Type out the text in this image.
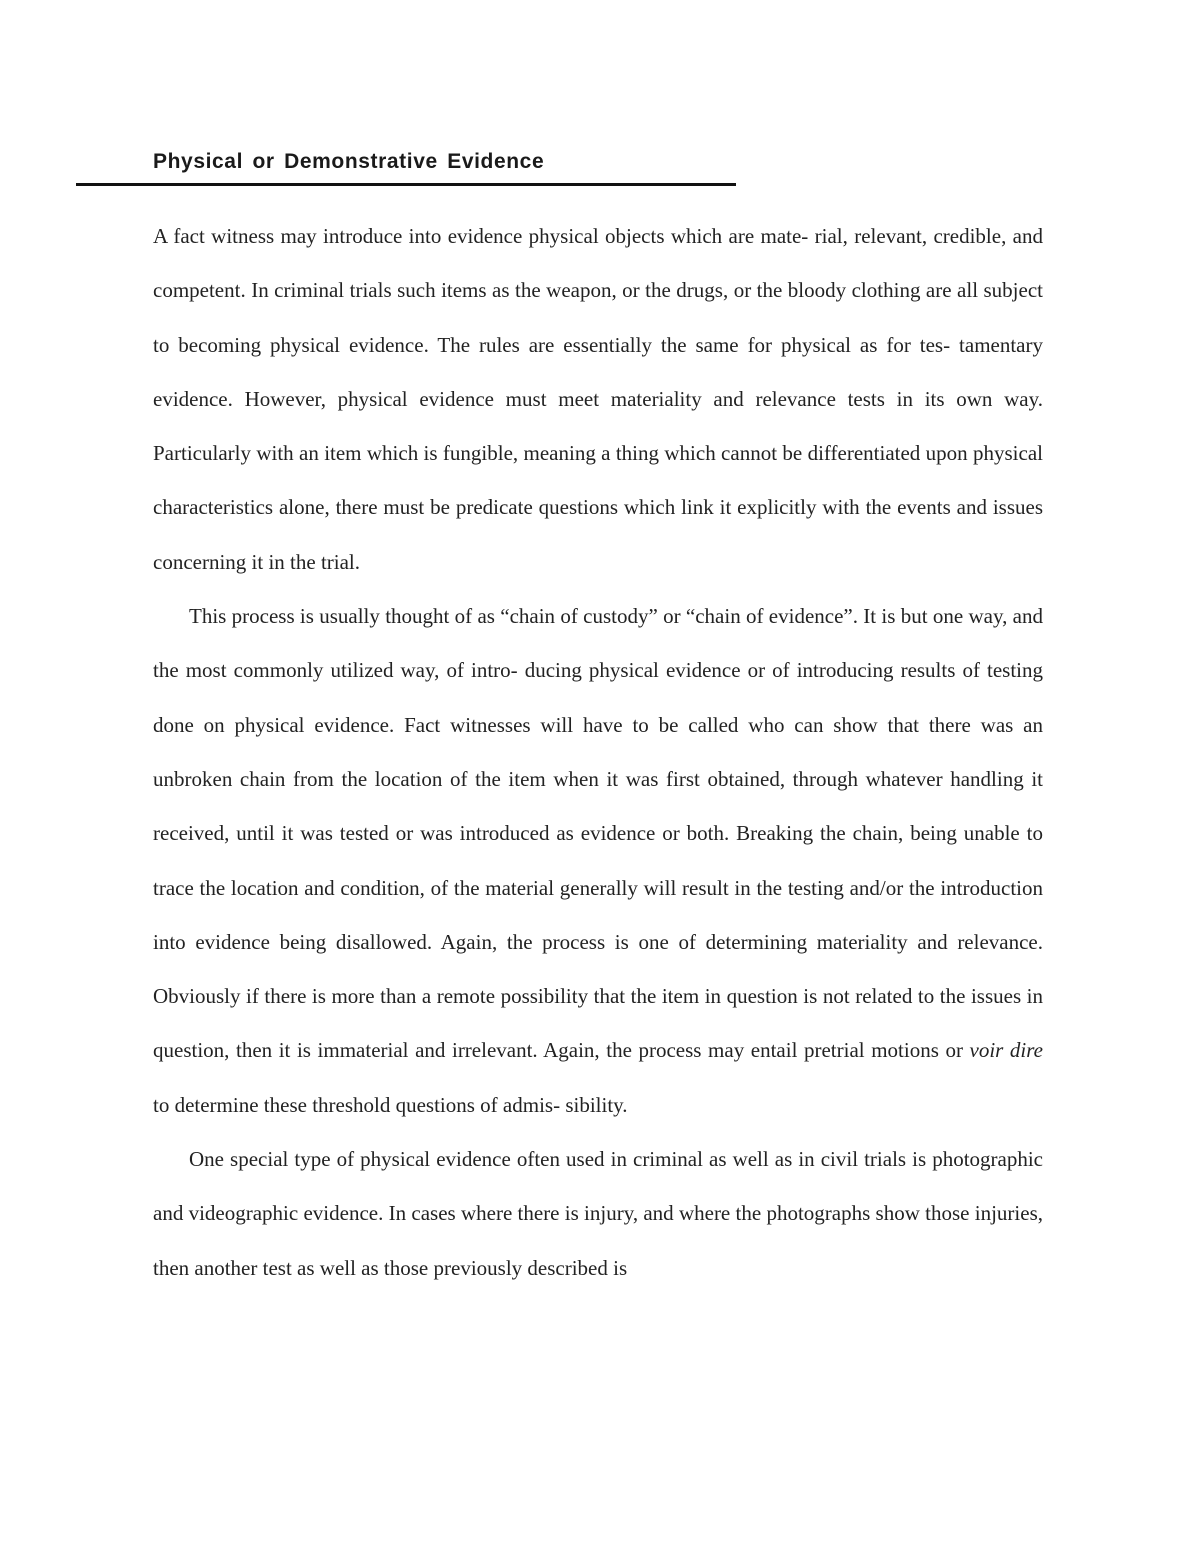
Physical or Demonstrative Evidence

A fact witness may introduce into evidence physical objects which are mate- rial, relevant, credible, and competent. In criminal trials such items as the weapon, or the drugs, or the bloody clothing are all subject to becoming physical evidence. The rules are essentially the same for physical as for tes- tamentary evidence. However, physical evidence must meet materiality and relevance tests in its own way. Particularly with an item which is fungible, meaning a thing which cannot be differentiated upon physical characteristics alone, there must be predicate questions which link it explicitly with the events and issues concerning it in the trial.

This process is usually thought of as “chain of custody” or “chain of evidence”. It is but one way, and the most commonly utilized way, of intro- ducing physical evidence or of introducing results of testing done on physical evidence. Fact witnesses will have to be called who can show that there was an unbroken chain from the location of the item when it was first obtained, through whatever handling it received, until it was tested or was introduced as evidence or both. Breaking the chain, being unable to trace the location and condition, of the material generally will result in the testing and/or the introduction into evidence being disallowed. Again, the process is one of determining materiality and relevance. Obviously if there is more than a remote possibility that the item in question is not related to the issues in question, then it is immaterial and irrelevant. Again, the process may entail pretrial motions or voir dire to determine these threshold questions of admis- sibility.

One special type of physical evidence often used in criminal as well as in civil trials is photographic and videographic evidence. In cases where there is injury, and where the photographs show those injuries, then another test as well as those previously described is
